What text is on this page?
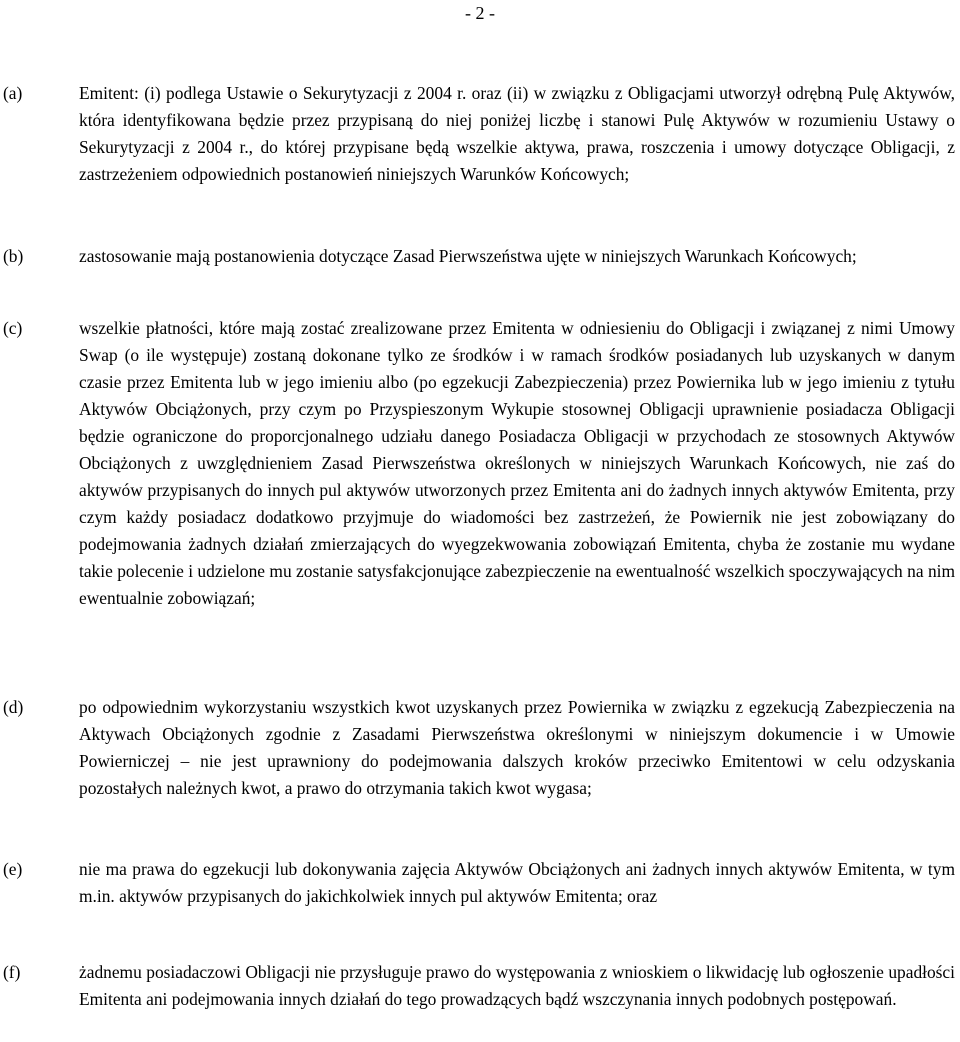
- 2 -
(a)	Emitent: (i) podlega Ustawie o Sekurytyzacji z 2004 r. oraz (ii) w związku z Obligacjami utworzył odrębną Pulę Aktywów, która identyfikowana będzie przez przypisaną do niej poniżej liczbę i stanowi Pulę Aktywów w rozumieniu Ustawy o Sekurytyzacji z 2004 r., do której przypisane będą wszelkie aktywa, prawa, roszczenia i umowy dotyczące Obligacji, z zastrzeżeniem odpowiednich postanowień niniejszych Warunków Końcowych;

(b)	zastosowanie mają postanowienia dotyczące Zasad Pierwszeństwa ujęte w niniejszych Warunkach Końcowych;

(c)	wszelkie płatności, które mają zostać zrealizowane przez Emitenta w odniesieniu do Obligacji i związanej z nimi Umowy Swap (o ile występuje) zostaną dokonane tylko ze środków i w ramach środków posiadanych lub uzyskanych w danym czasie przez Emitenta lub w jego imieniu albo (po egzekucji Zabezpieczenia) przez Powiernika lub w jego imieniu z tytułu Aktywów Obciążonych, przy czym po Przyspieszonym Wykupie stosownej Obligacji uprawnienie posiadacza Obligacji będzie ograniczone do proporcjonalnego udziału danego Posiadacza Obligacji w przychodach ze stosownych Aktywów Obciążonych z uwzględnieniem Zasad Pierwszeństwa określonych w niniejszych Warunkach Końcowych, nie zaś do aktywów przypisanych do innych pul aktywów utworzonych przez Emitenta ani do żadnych innych aktywów Emitenta, przy czym każdy posiadacz dodatkowo przyjmuje do wiadomości bez zastrzeżeń, że Powiernik nie jest zobowiązany do podejmowania żadnych działań zmierzających do wyegzekwowania zobowiązań Emitenta, chyba że zostanie mu wydane takie polecenie i udzielone mu zostanie satysfakcjonujące zabezpieczenie na ewentualność wszelkich spoczywających na nim ewentualnie zobowiązań;

(d)	po odpowiednim wykorzystaniu wszystkich kwot uzyskanych przez Powiernika w związku z egzekucją Zabezpieczenia na Aktywach Obciążonych zgodnie z Zasadami Pierwszeństwa określonymi w niniejszym dokumencie i w Umowie Powierniczej – nie jest uprawniony do podejmowania dalszych kroków przeciwko Emitentowi w celu odzyskania pozostałych należnych kwot, a prawo do otrzymania takich kwot wygasa;

(e)	nie ma prawa do egzekucji lub dokonywania zajęcia Aktywów Obciążonych ani żadnych innych aktywów Emitenta, w tym m.in. aktywów przypisanych do jakichkolwiek innych pul aktywów Emitenta; oraz

(f)	żadnemu posiadaczowi Obligacji nie przysługuje prawo do występowania z wnioskiem o likwidację lub ogłoszenie upadłości Emitenta ani podejmowania innych działań do tego prowadzących bądź wszczynania innych podobnych postępowań.
